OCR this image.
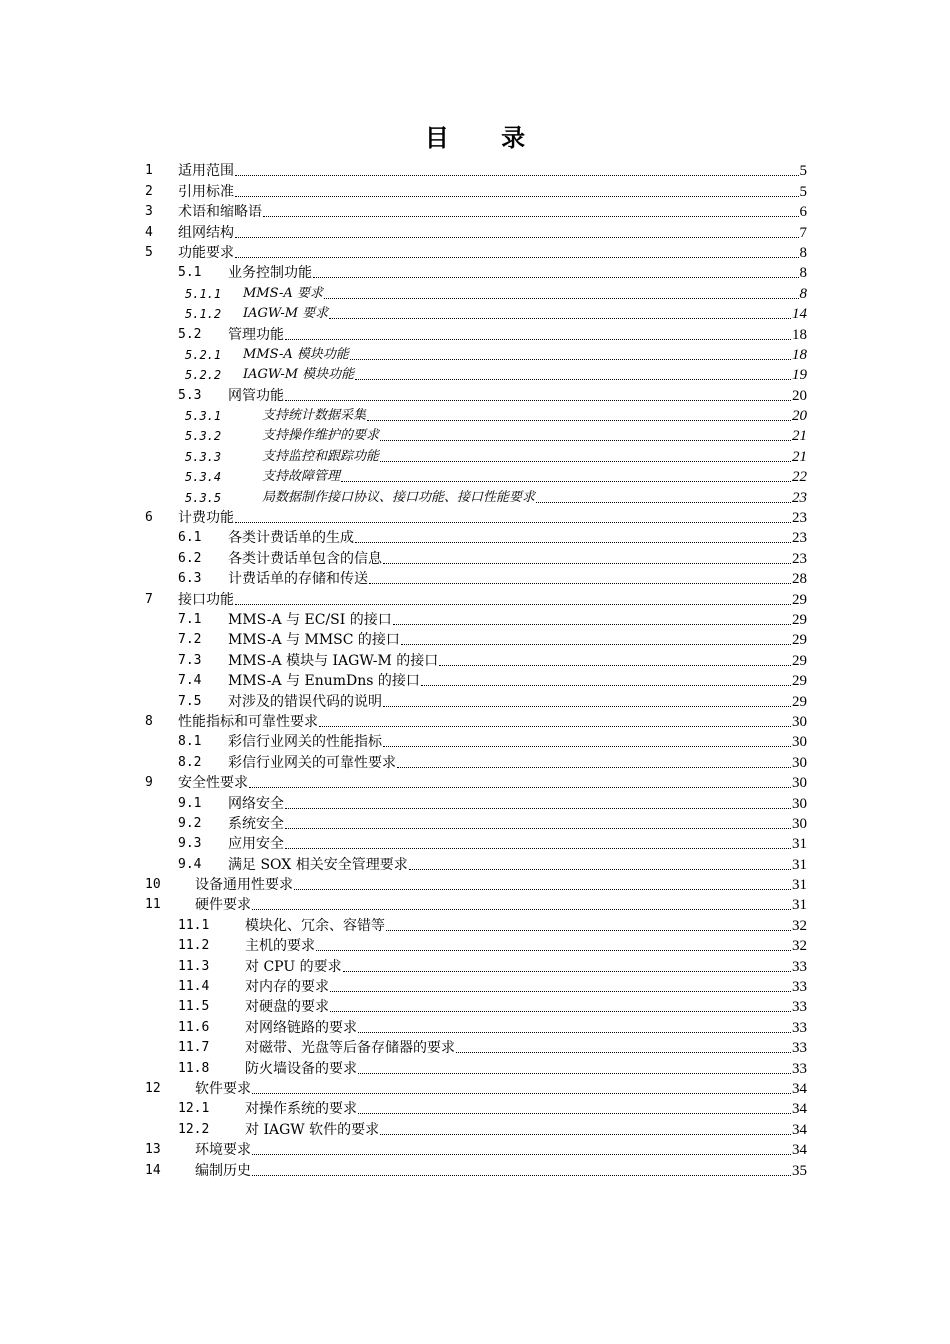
目 录
1	适用范围	5
2	引用标准	5
3	术语和缩略语	6
4	组网结构	7
5	功能要求	8
5.1	业务控制功能	8
5.1.1	MMS-A 要求	8
5.1.2	IAGW-M 要求	14
5.2	管理功能	18
5.2.1	MMS-A 模块功能	18
5.2.2	IAGW-M 模块功能	19
5.3	网管功能	20
5.3.1	支持统计数据采集	20
5.3.2	支持操作维护的要求	21
5.3.3	支持监控和跟踪功能	21
5.3.4	支持故障管理	22
5.3.5	局数据制作接口协议、接口功能、接口性能要求	23
6	计费功能	23
6.1	各类计费话单的生成	23
6.2	各类计费话单包含的信息	23
6.3	计费话单的存储和传送	28
7	接口功能	29
7.1	MMS-A 与 EC/SI 的接口	29
7.2	MMS-A 与 MMSC 的接口	29
7.3	MMS-A 模块与 IAGW-M 的接口	29
7.4	MMS-A 与 EnumDns 的接口	29
7.5	对涉及的错误代码的说明	29
8	性能指标和可靠性要求	30
8.1	彩信行业网关的性能指标	30
8.2	彩信行业网关的可靠性要求	30
9	安全性要求	30
9.1	网络安全	30
9.2	系统安全	30
9.3	应用安全	31
9.4	满足 SOX 相关安全管理要求	31
10	设备通用性要求	31
11	硬件要求	31
11.1	模块化、冗余、容错等	32
11.2	主机的要求	32
11.3	对 CPU 的要求	33
11.4	对内存的要求	33
11.5	对硬盘的要求	33
11.6	对网络链路的要求	33
11.7	对磁带、光盘等后备存储器的要求	33
11.8	防火墙设备的要求	33
12	软件要求	34
12.1	对操作系统的要求	34
12.2	对 IAGW 软件的要求	34
13	环境要求	34
14	编制历史	35
